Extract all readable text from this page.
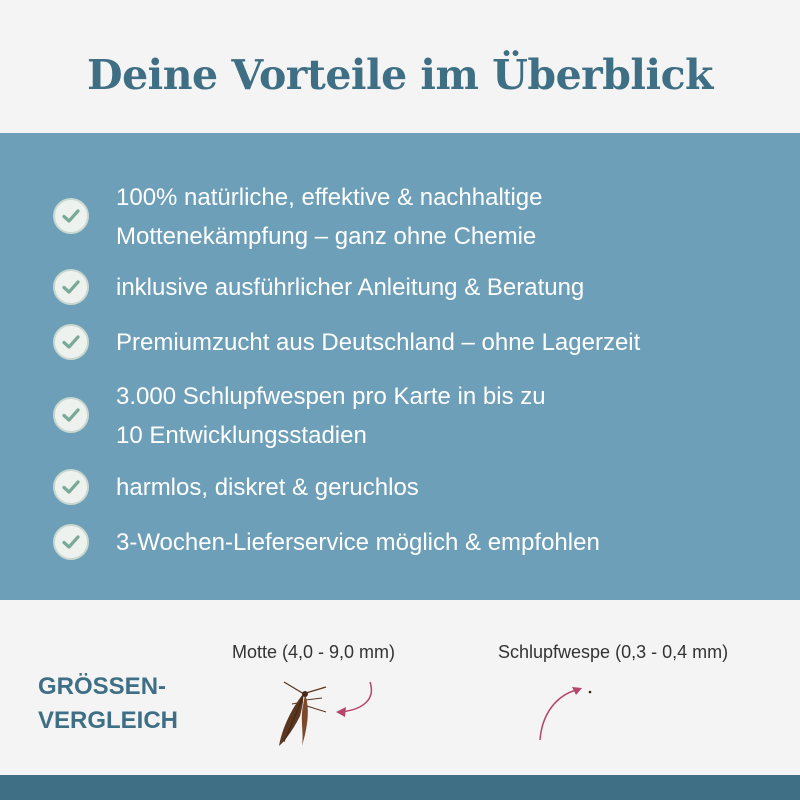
Deine Vorteile im Überblick
100% natürliche, effektive & nachhaltige
Mottenekämpfung – ganz ohne Chemie
inklusive ausführlicher Anleitung & Beratung
Premiumzucht aus Deutschland – ohne Lagerzeit
3.000 Schlupfwespen pro Karte in bis zu
10 Entwicklungsstadien
harmlos, diskret & geruchlos
3-Wochen-Lieferservice möglich & empfohlen

GRÖSSEN-
VERGLEICH

Motte (4,0 - 9,0 mm)	Schlupfwespe (0,3 - 0,4 mm)
